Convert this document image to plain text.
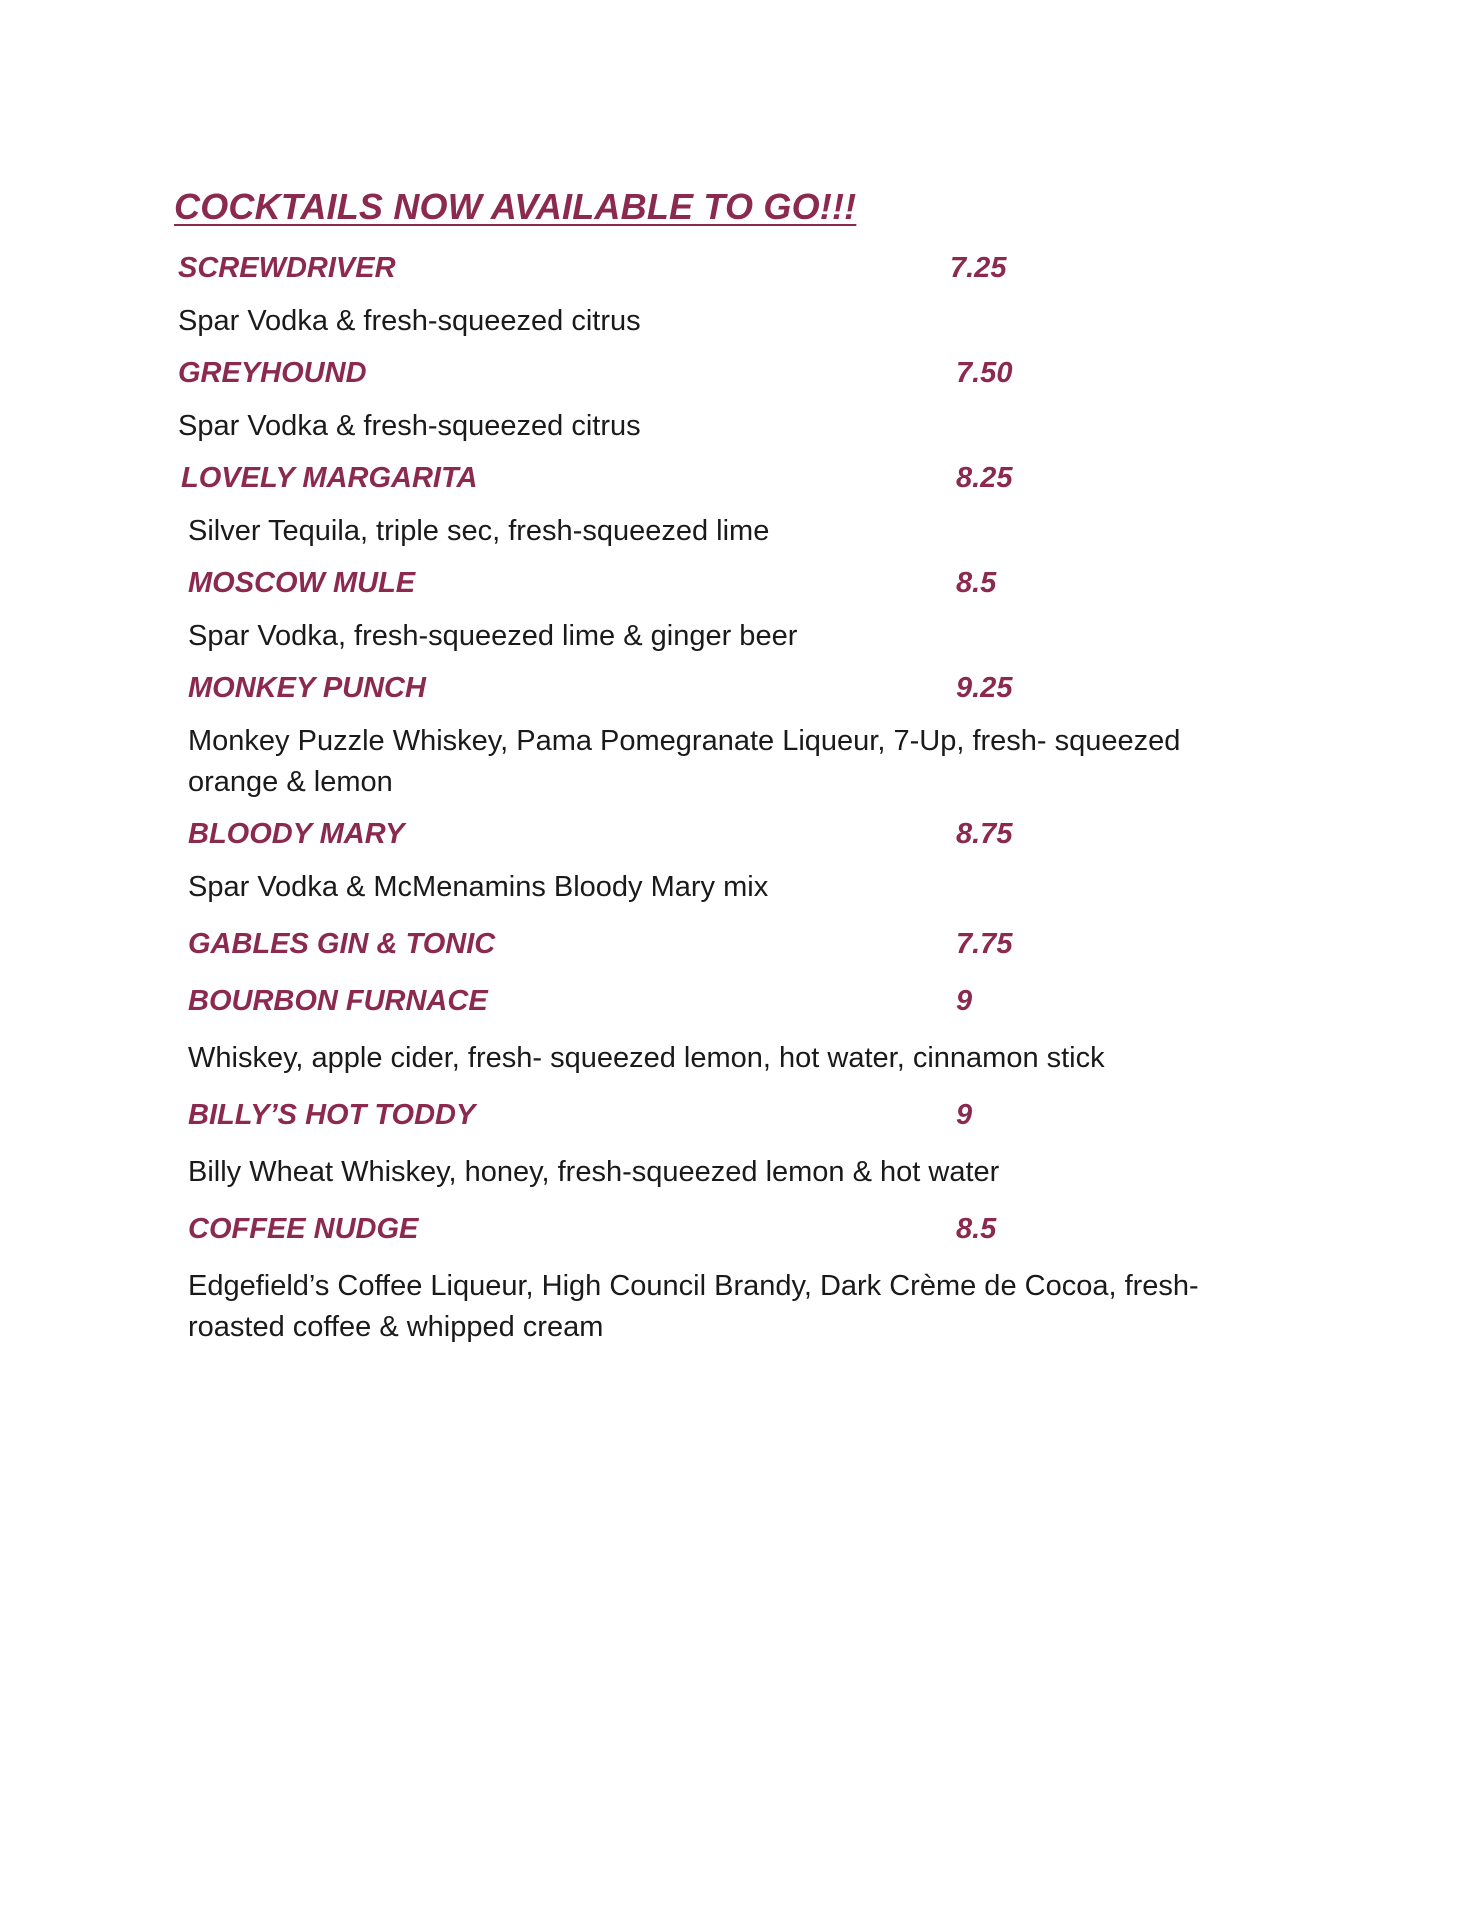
COCKTAILS NOW AVAILABLE TO GO!!!
SCREWDRIVER	7.25
Spar Vodka & fresh-squeezed citrus
GREYHOUND	7.50
Spar Vodka & fresh-squeezed citrus
LOVELY MARGARITA	8.25
Silver Tequila, triple sec, fresh-squeezed lime
MOSCOW MULE	8.5
Spar Vodka, fresh-squeezed lime & ginger beer
MONKEY PUNCH	9.25
Monkey Puzzle Whiskey, Pama Pomegranate Liqueur, 7-Up, fresh- squeezed
orange & lemon
BLOODY MARY	8.75
Spar Vodka & McMenamins Bloody Mary mix
GABLES GIN & TONIC	7.75
BOURBON FURNACE	9
Whiskey, apple cider, fresh- squeezed lemon, hot water, cinnamon stick
BILLY’S HOT TODDY	9
Billy Wheat Whiskey, honey, fresh-squeezed lemon & hot water
COFFEE NUDGE	8.5
Edgefield’s Coffee Liqueur, High Council Brandy, Dark Crème de Cocoa, fresh-
roasted coffee & whipped cream
